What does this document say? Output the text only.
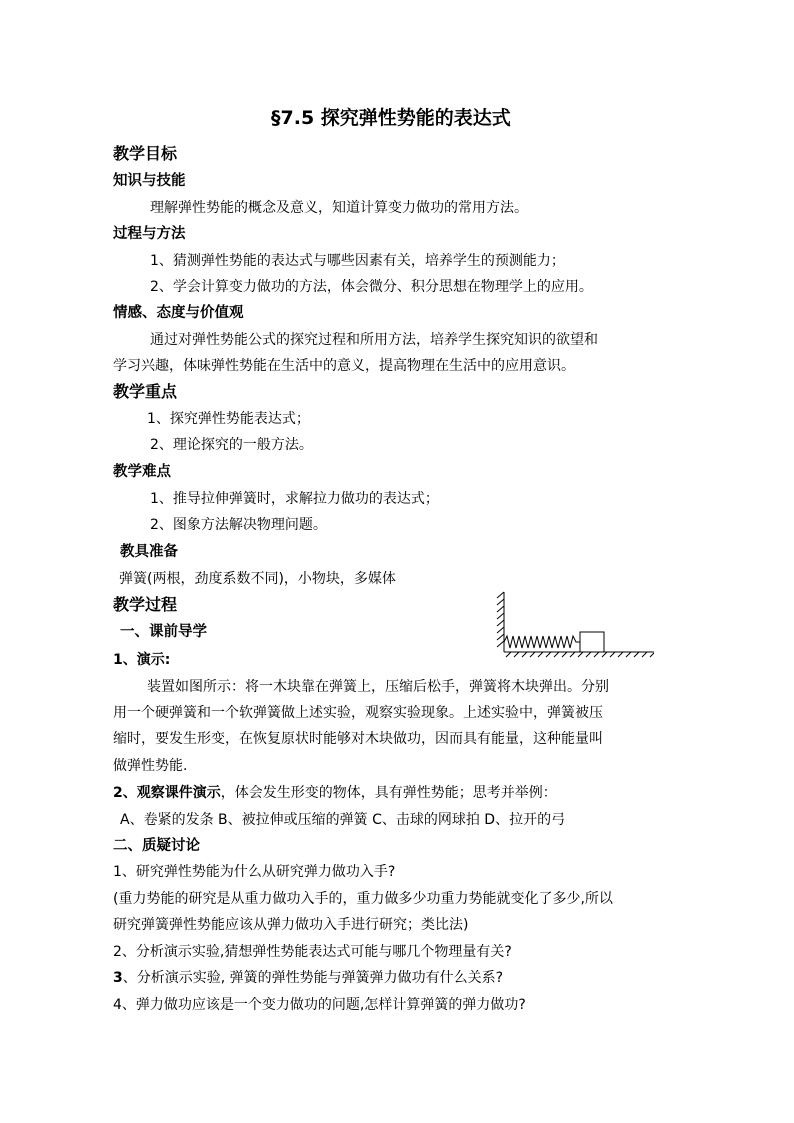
§7.5 探究弹性势能的表达式
教学目标
知识与技能
理解弹性势能的概念及意义，知道计算变力做功的常用方法。
过程与方法
1、猜测弹性势能的表达式与哪些因素有关，培养学生的预测能力；
2、学会计算变力做功的方法，体会微分、积分思想在物理学上的应用。
情感、态度与价值观
通过对弹性势能公式的探究过程和所用方法，培养学生探究知识的欲望和
学习兴趣，体味弹性势能在生活中的意义，提高物理在生活中的应用意识。
教学重点
1、探究弹性势能表达式；
2、理论探究的一般方法。
教学难点
1、推导拉伸弹簧时，求解拉力做功的表达式；
2、图象方法解决物理问题。
教具准备
弹簧(两根，劲度系数不同)，小物块，多媒体
教学过程
一、课前导学
1、演示:
装置如图所示：将一木块靠在弹簧上，压缩后松手，弹簧将木块弹出。分别
用一个硬弹簧和一个软弹簧做上述实验，观察实验现象。上述实验中，弹簧被压
缩时，要发生形变，在恢复原状时能够对木块做功，因而具有能量，这种能量叫
做弹性势能.
2、观察课件演示，体会发生形变的物体，具有弹性势能；思考并举例：
A、卷紧的发条 B、被拉伸或压缩的弹簧 C、击球的网球拍 D、拉开的弓
二、质疑讨论
1、研究弹性势能为什么从研究弹力做功入手?
(重力势能的研究是从重力做功入手的，重力做多少功重力势能就变化了多少,所以
研究弹簧弹性势能应该从弹力做功入手进行研究；类比法)
2、分析演示实验,猜想弹性势能表达式可能与哪几个物理量有关?
3、分析演示实验, 弹簧的弹性势能与弹簧弹力做功有什么关系?
4、弹力做功应该是一个变力做功的问题,怎样计算弹簧的弹力做功?
